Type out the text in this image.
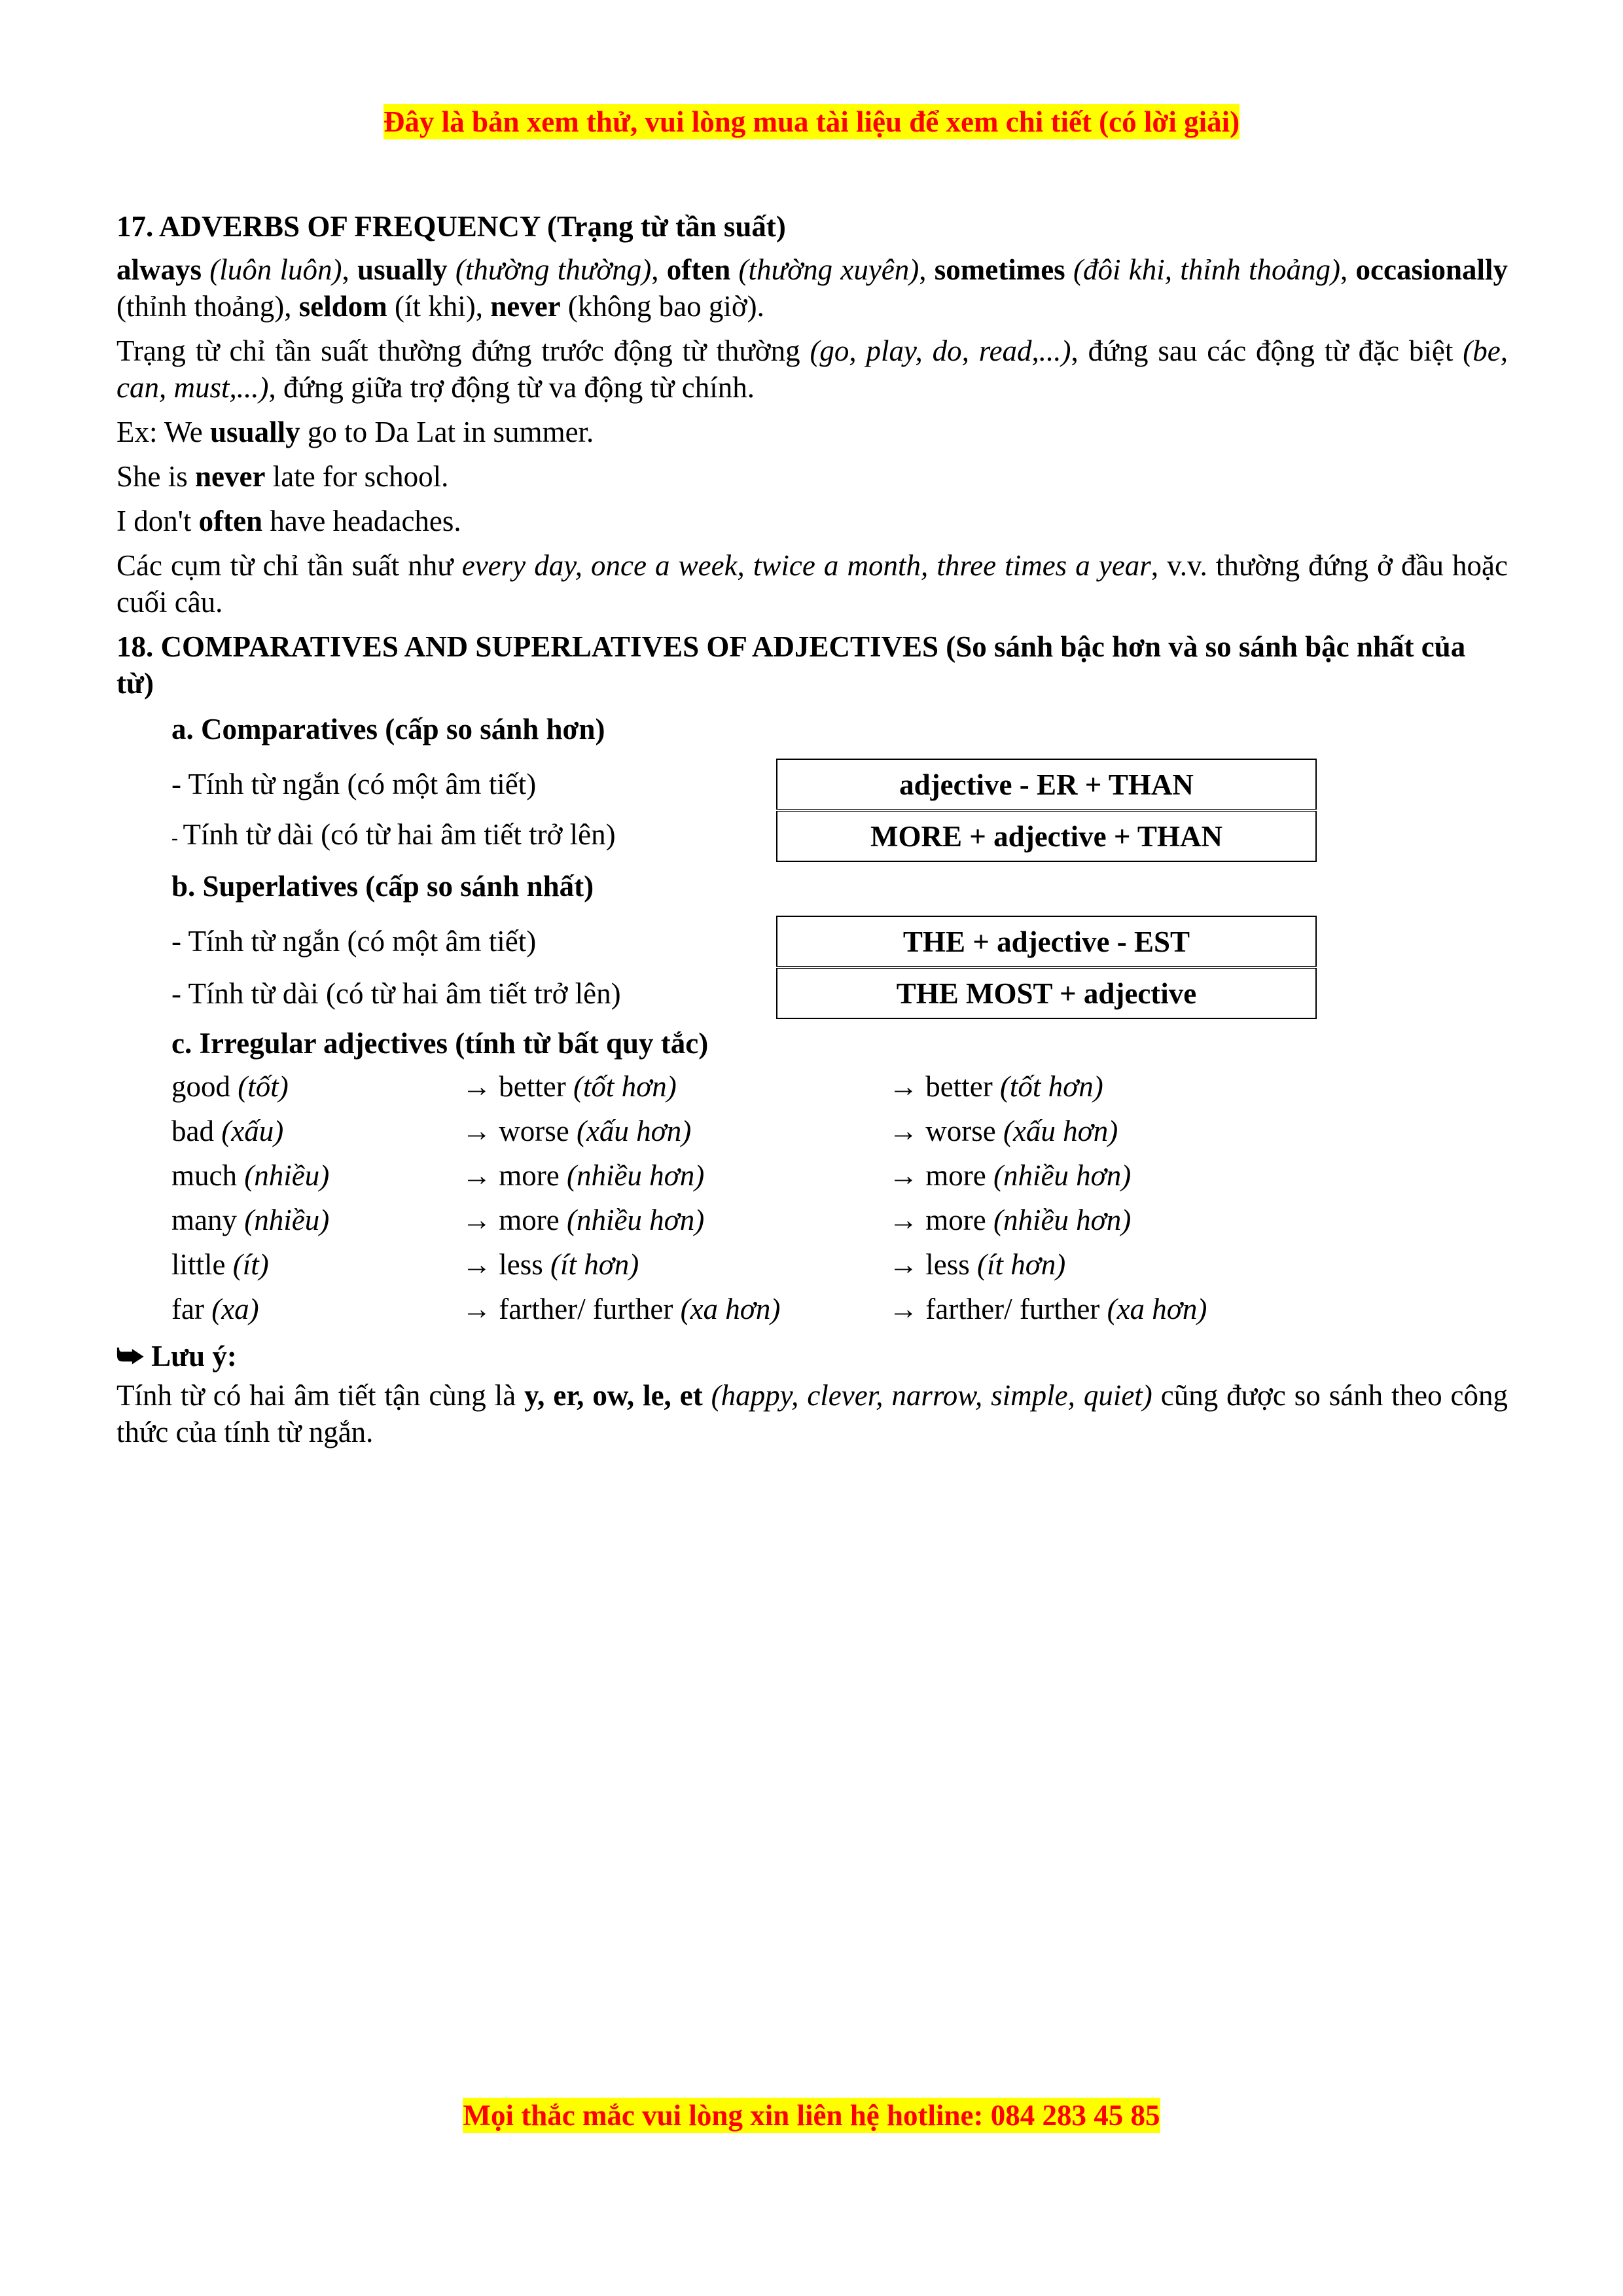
Đây là bản xem thử, vui lòng mua tài liệu để xem chi tiết (có lời giải)
17. ADVERBS OF FREQUENCY (Trạng từ tần suất)
always (luôn luôn), usually (thường thường), often (thường xuyên), sometimes (đôi khi, thỉnh thoảng), occasionally (thỉnh thoảng), seldom (ít khi), never (không bao giờ).
Trạng từ chỉ tần suất thường đứng trước động từ thường (go, play, do, read,...), đứng sau các động từ đặc biệt (be, can, must,...), đứng giữa trợ động từ va động từ chính.
Ex: We usually go to Da Lat in summer.
She is never late for school.
I don't often have headaches.
Các cụm từ chỉ tần suất như every day, once a week, twice a month, three times a year, v.v. thường đứng ở đầu hoặc cuối câu.
18. COMPARATIVES AND SUPERLATIVES OF ADJECTIVES (So sánh bậc hơn và so sánh bậc nhất của từ)
a. Comparatives (cấp so sánh hơn)
- Tính từ ngắn (có một âm tiết)	adjective - ER + THAN
- Tính từ dài (có từ hai âm tiết trở lên)	MORE + adjective + THAN
b. Superlatives (cấp so sánh nhất)
- Tính từ ngắn (có một âm tiết)	THE + adjective - EST
- Tính từ dài (có từ hai âm tiết trở lên)	THE MOST + adjective
c. Irregular adjectives (tính từ bất quy tắc)
good (tốt)	→ better (tốt hơn)	→ better (tốt hơn)
bad (xấu)	→ worse (xấu hơn)	→ worse (xấu hơn)
much (nhiều)	→ more (nhiều hơn)	→ more (nhiều hơn)
many (nhiều)	→ more (nhiều hơn)	→ more (nhiều hơn)
little (ít)	→ less (ít hơn)	→ less (ít hơn)
far (xa)	→ farther/ further (xa hơn)	→ farther/ further (xa hơn)
⮩ Lưu ý:
Tính từ có hai âm tiết tận cùng là y, er, ow, le, et (happy, clever, narrow, simple, quiet) cũng được so sánh theo công thức của tính từ ngắn.
Mọi thắc mắc vui lòng xin liên hệ hotline: 084 283 45 85
